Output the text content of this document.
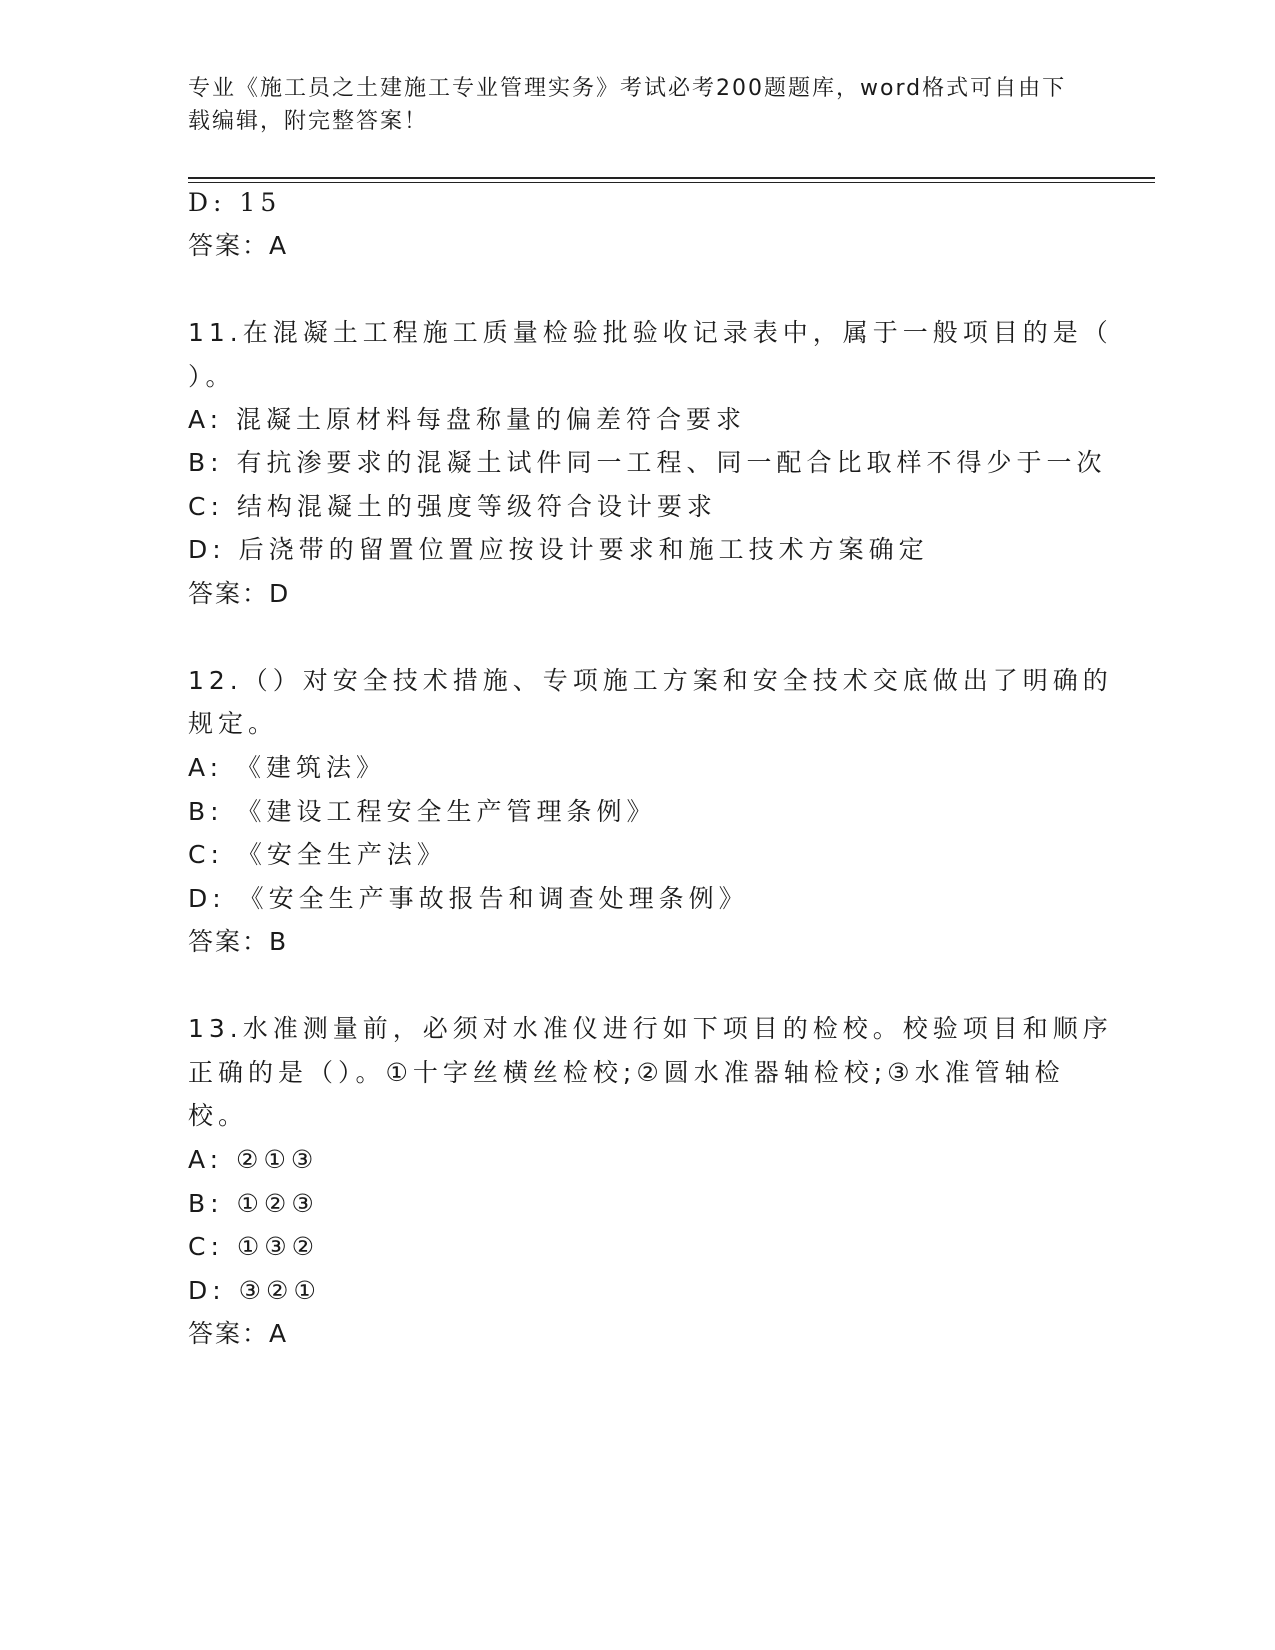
专业《施工员之土建施工专业管理实务》考试必考200题题库，word格式可自由下载编辑，附完整答案！
D: 15
答案：A
11.在混凝土工程施工质量检验批验收记录表中，属于一般项目的是（
）。
A: 混凝土原材料每盘称量的偏差符合要求
B: 有抗渗要求的混凝土试件同一工程、同一配合比取样不得少于一次
C: 结构混凝土的强度等级符合设计要求
D: 后浇带的留置位置应按设计要求和施工技术方案确定
答案：D
12.（）对安全技术措施、专项施工方案和安全技术交底做出了明确的
规定。
A: 《建筑法》
B: 《建设工程安全生产管理条例》
C: 《安全生产法》
D: 《安全生产事故报告和调查处理条例》
答案：B
13.水准测量前，必须对水准仪进行如下项目的检校。校验项目和顺序
正确的是（）。①十字丝横丝检校;②圆水准器轴检校;③水准管轴检
校。
A: ②①③
B: ①②③
C: ①③②
D: ③②①
答案：A
